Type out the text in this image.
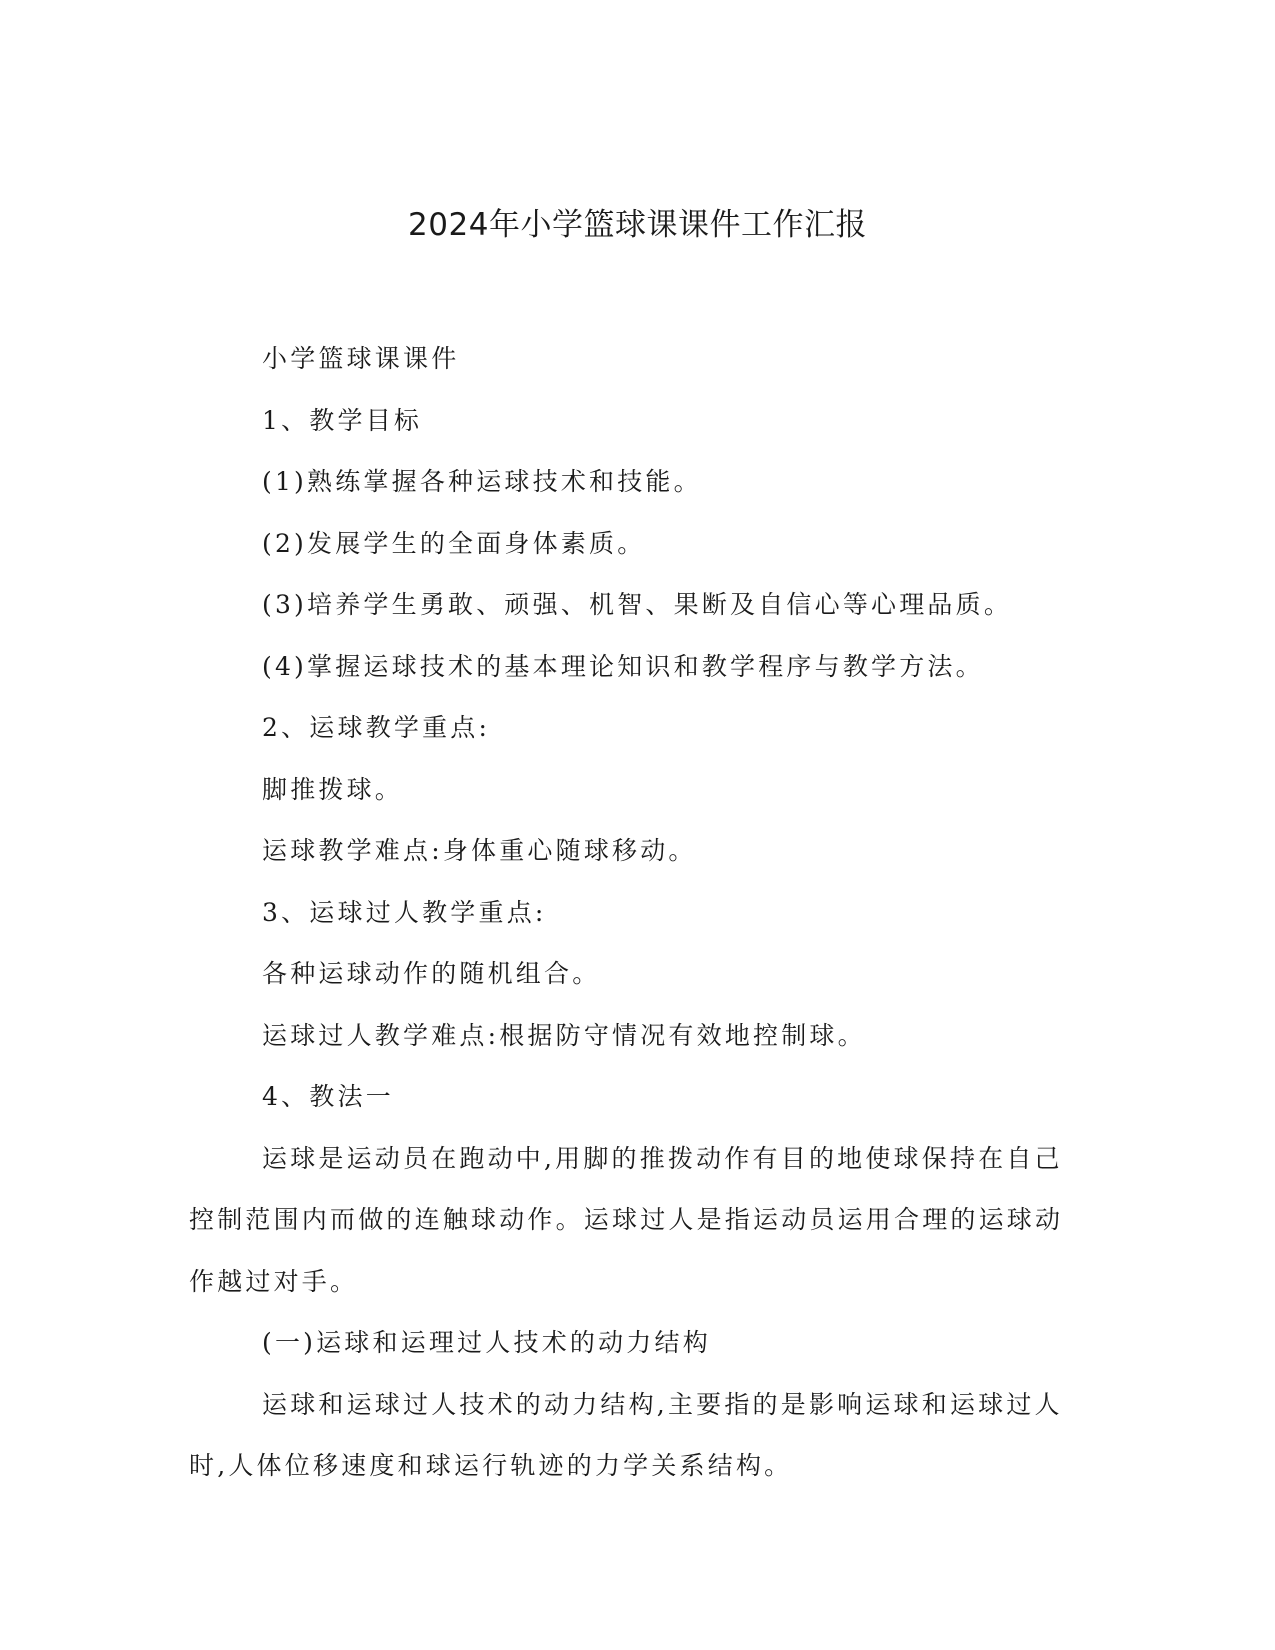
2024年小学篮球课课件工作汇报

小学篮球课课件

1、教学目标

(1)熟练掌握各种运球技术和技能。

(2)发展学生的全面身体素质。

(3)培养学生勇敢、顽强、机智、果断及自信心等心理品质。

(4)掌握运球技术的基本理论知识和教学程序与教学方法。

2、运球教学重点:

脚推拨球。

运球教学难点:身体重心随球移动。

3、运球过人教学重点:

各种运球动作的随机组合。

运球过人教学难点:根据防守情况有效地控制球。

4、教法一

运球是运动员在跑动中,用脚的推拨动作有目的地使球保持在自己控制范围内而做的连触球动作。运球过人是指运动员运用合理的运球动作越过对手。

(一)运球和运理过人技术的动力结构

运球和运球过人技术的动力结构,主要指的是影响运球和运球过人时,人体位移速度和球运行轨迹的力学关系结构。
